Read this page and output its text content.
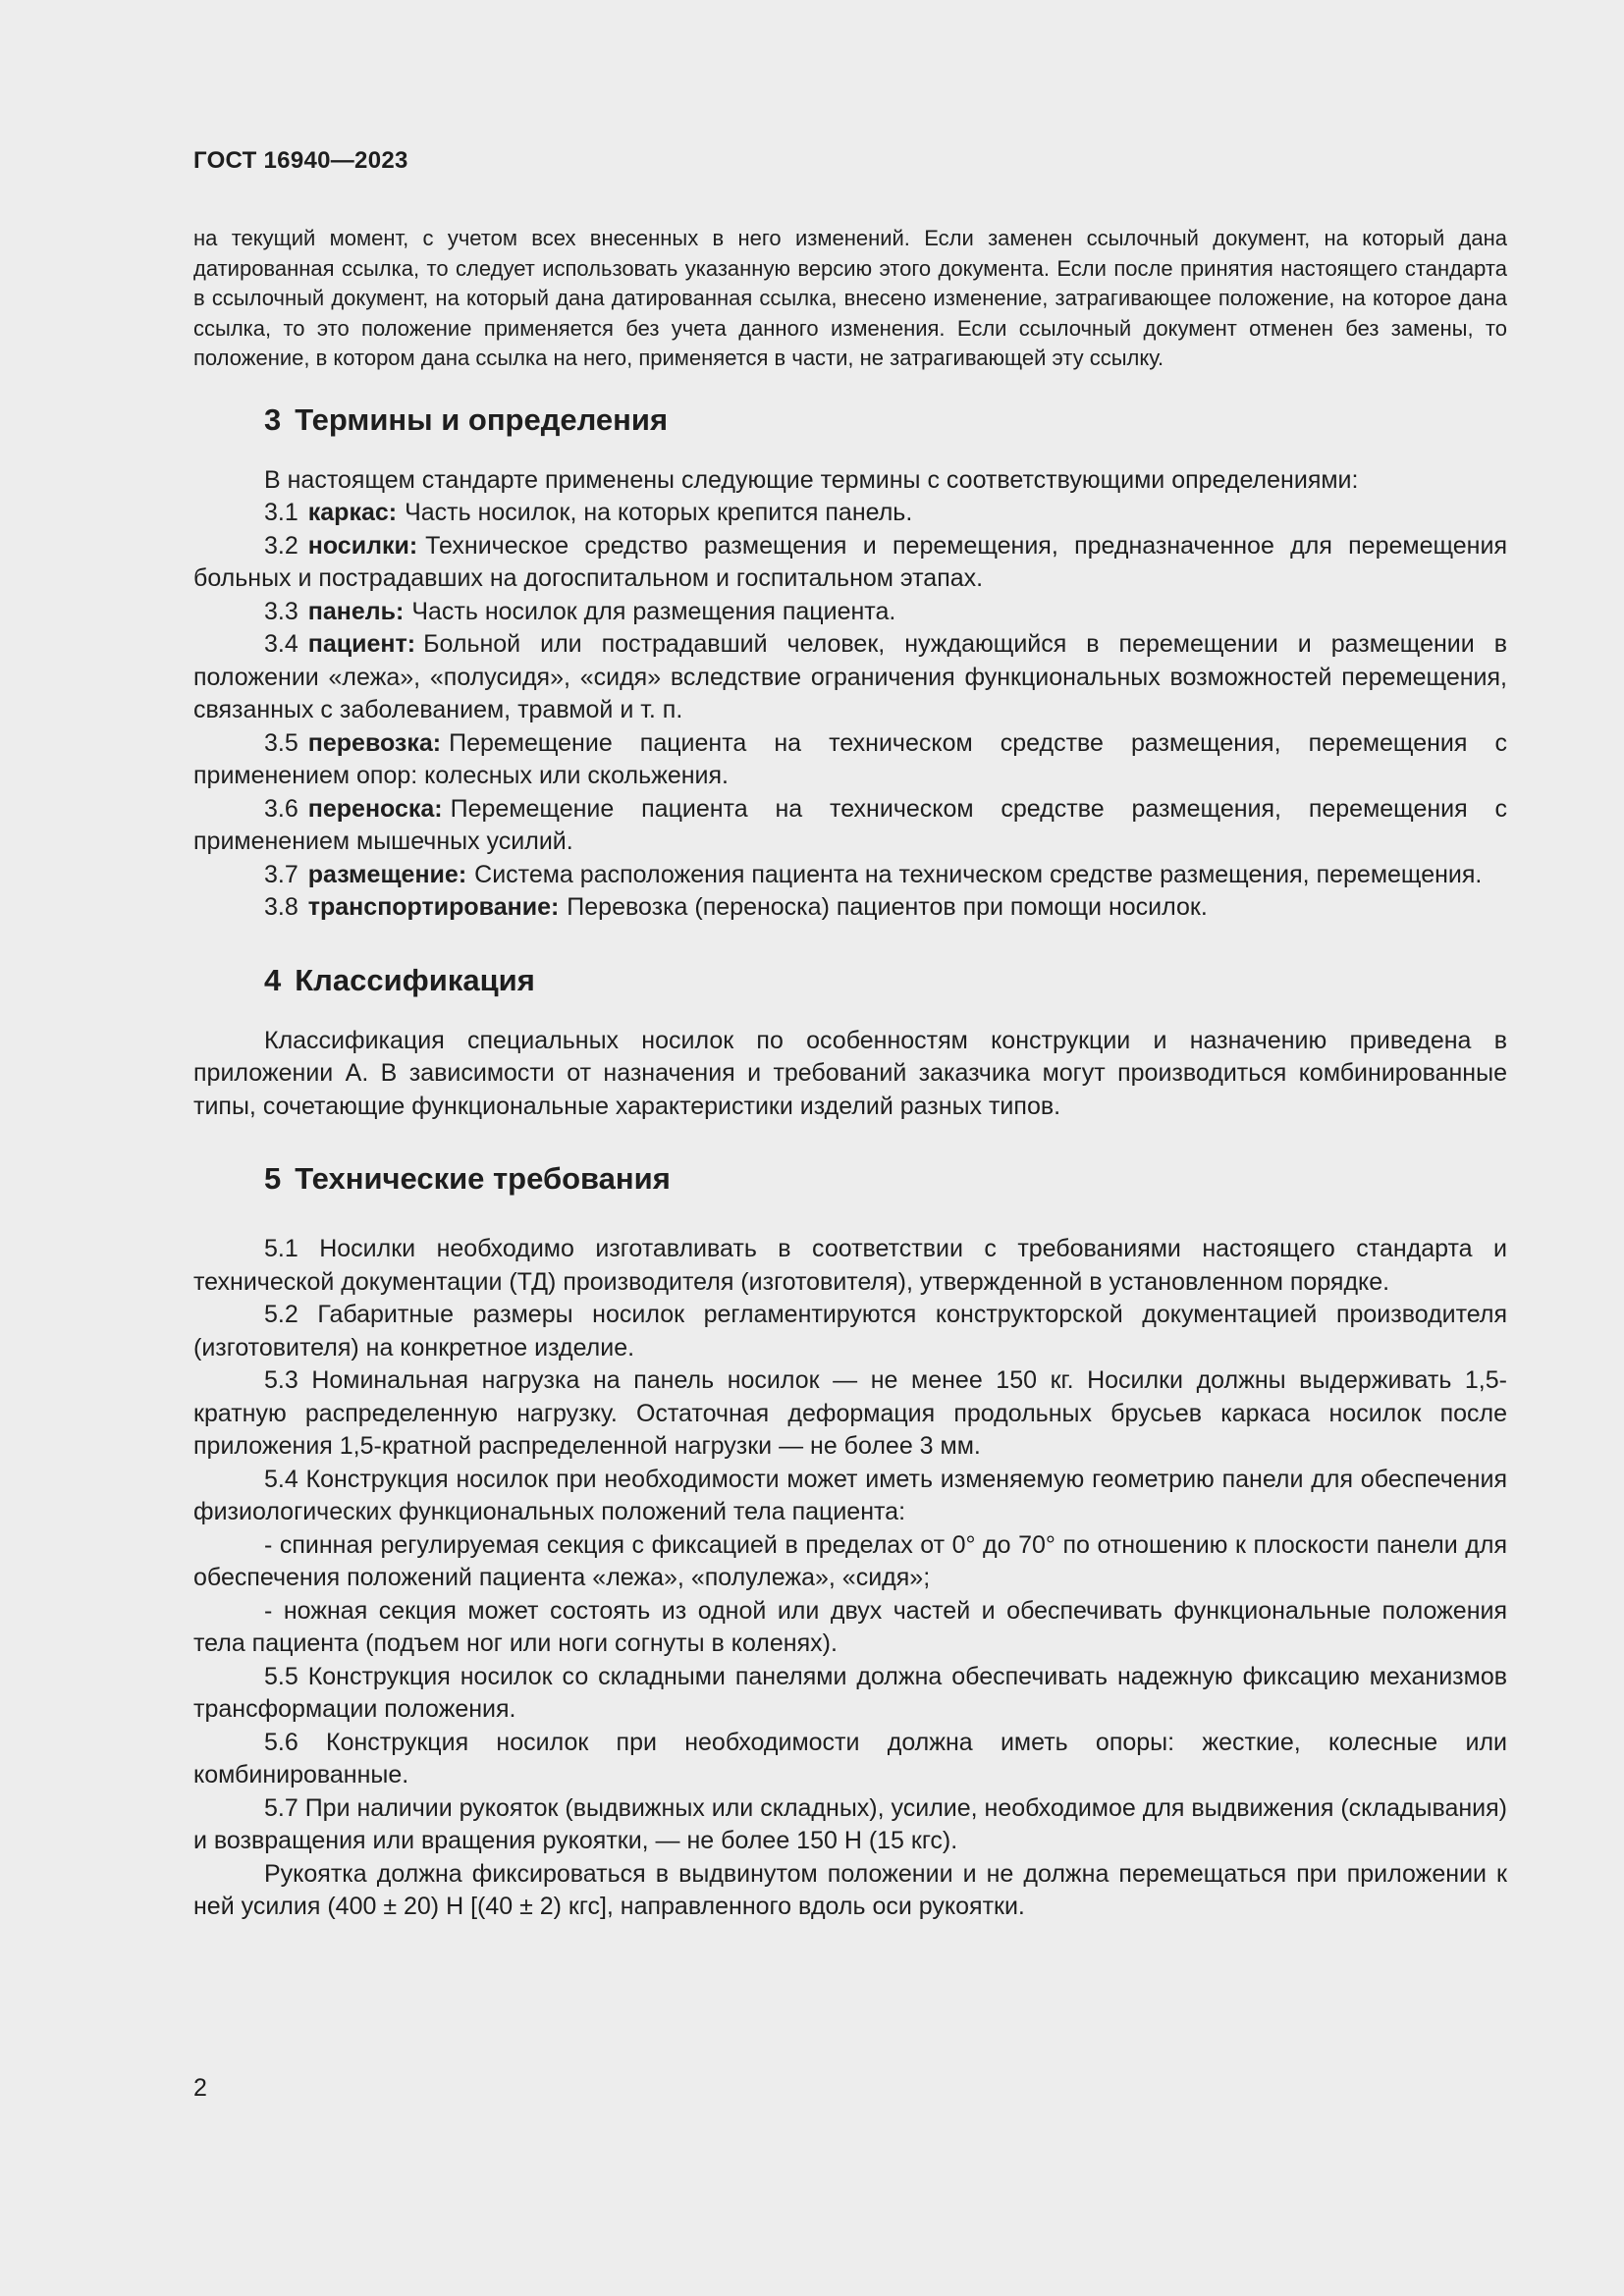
ГОСТ 16940—2023

на текущий момент, с учетом всех внесенных в него изменений. Если заменен ссылочный документ, на который дана датированная ссылка, то следует использовать указанную версию этого документа. Если после принятия настоящего стандарта в ссылочный документ, на который дана датированная ссылка, внесено изменение, затрагивающее положение, на которое дана ссылка, то это положение применяется без учета данного изменения. Если ссылочный документ отменен без замены, то положение, в котором дана ссылка на него, применяется в части, не затрагивающей эту ссылку.

3 Термины и определения

В настоящем стандарте применены следующие термины с соответствующими определениями:

3.1 каркас: Часть носилок, на которых крепится панель.

3.2 носилки: Техническое средство размещения и перемещения, предназначенное для перемещения больных и пострадавших на догоспитальном и госпитальном этапах.

3.3 панель: Часть носилок для размещения пациента.

3.4 пациент: Больной или пострадавший человек, нуждающийся в перемещении и размещении в положении «лежа», «полусидя», «сидя» вследствие ограничения функциональных возможностей перемещения, связанных с заболеванием, травмой и т. п.

3.5 перевозка: Перемещение пациента на техническом средстве размещения, перемещения с применением опор: колесных или скольжения.

3.6 переноска: Перемещение пациента на техническом средстве размещения, перемещения с применением мышечных усилий.

3.7 размещение: Система расположения пациента на техническом средстве размещения, перемещения.

3.8 транспортирование: Перевозка (переноска) пациентов при помощи носилок.

4 Классификация

Классификация специальных носилок по особенностям конструкции и назначению приведена в приложении А. В зависимости от назначения и требований заказчика могут производиться комбинированные типы, сочетающие функциональные характеристики изделий разных типов.

5 Технические требования

5.1 Носилки необходимо изготавливать в соответствии с требованиями настоящего стандарта и технической документации (ТД) производителя (изготовителя), утвержденной в установленном порядке.

5.2 Габаритные размеры носилок регламентируются конструкторской документацией производителя (изготовителя) на конкретное изделие.

5.3 Номинальная нагрузка на панель носилок — не менее 150 кг. Носилки должны выдерживать 1,5-кратную распределенную нагрузку. Остаточная деформация продольных брусьев каркаса носилок после приложения 1,5-кратной распределенной нагрузки — не более 3 мм.

5.4 Конструкция носилок при необходимости может иметь изменяемую геометрию панели для обеспечения физиологических функциональных положений тела пациента:

- спинная регулируемая секция с фиксацией в пределах от 0° до 70° по отношению к плоскости панели для обеспечения положений пациента «лежа», «полулежа», «сидя»;

- ножная секция может состоять из одной или двух частей и обеспечивать функциональные положения тела пациента (подъем ног или ноги согнуты в коленях).

5.5 Конструкция носилок со складными панелями должна обеспечивать надежную фиксацию механизмов трансформации положения.

5.6 Конструкция носилок при необходимости должна иметь опоры: жесткие, колесные или комбинированные.

5.7 При наличии рукояток (выдвижных или складных), усилие, необходимое для выдвижения (складывания) и возвращения или вращения рукоятки, — не более 150 Н (15 кгс).

Рукоятка должна фиксироваться в выдвинутом положении и не должна перемещаться при приложении к ней усилия (400 ± 20) Н [(40 ± 2) кгс], направленного вдоль оси рукоятки.

2
